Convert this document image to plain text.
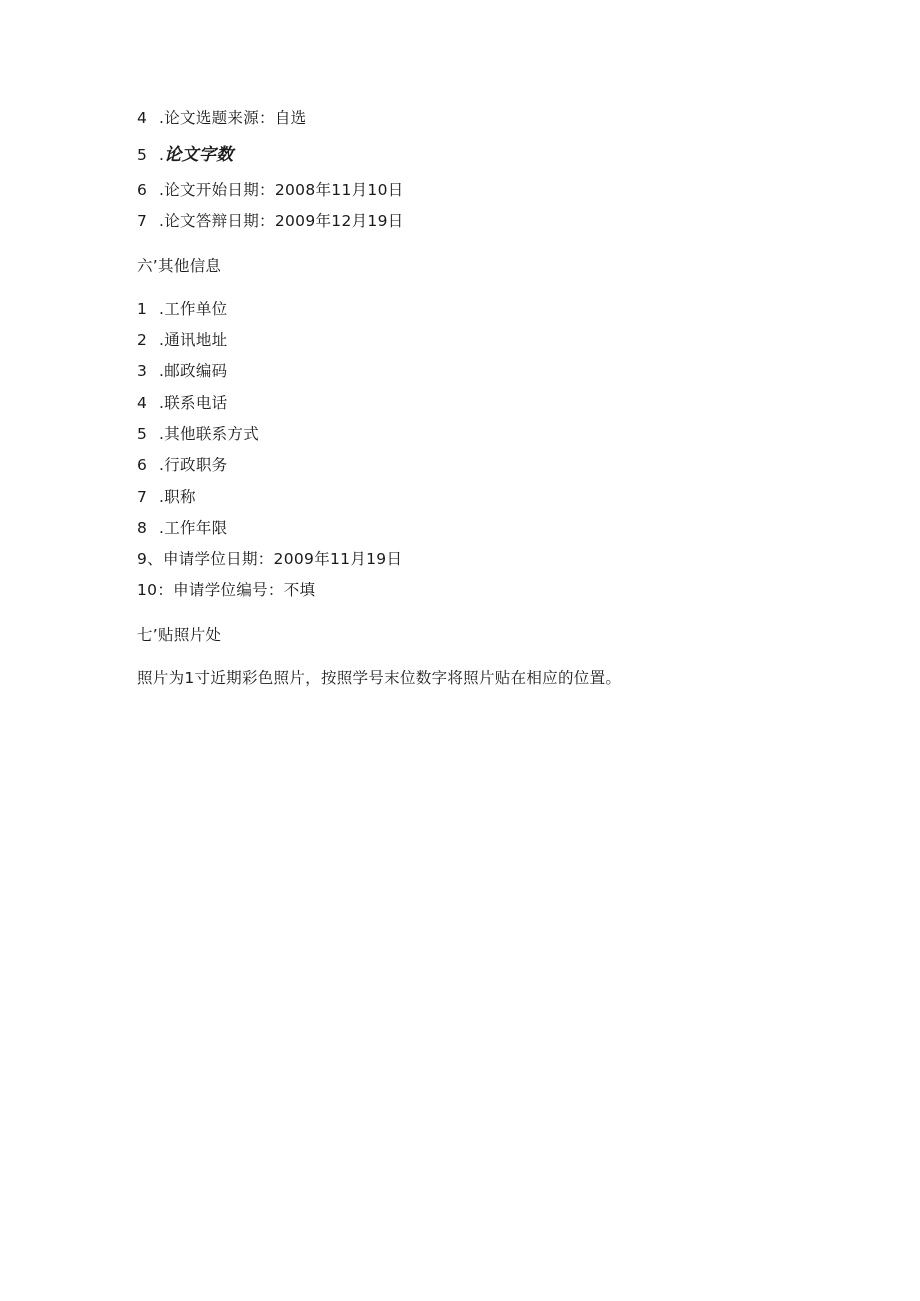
4.论文选题来源：自选
5.论文字数
6.论文开始日期：2008年11月10日
7.论文答辩日期：2009年12月19日
六’其他信息
1.工作单位
2.通讯地址
3.邮政编码
4.联系电话
5.其他联系方式
6.行政职务
7.职称
8.工作年限
9、申请学位日期：2009年11月19日
10：申请学位编号：不填
七’贴照片处
照片为1寸近期彩色照片，按照学号末位数字将照片贴在相应的位置。
